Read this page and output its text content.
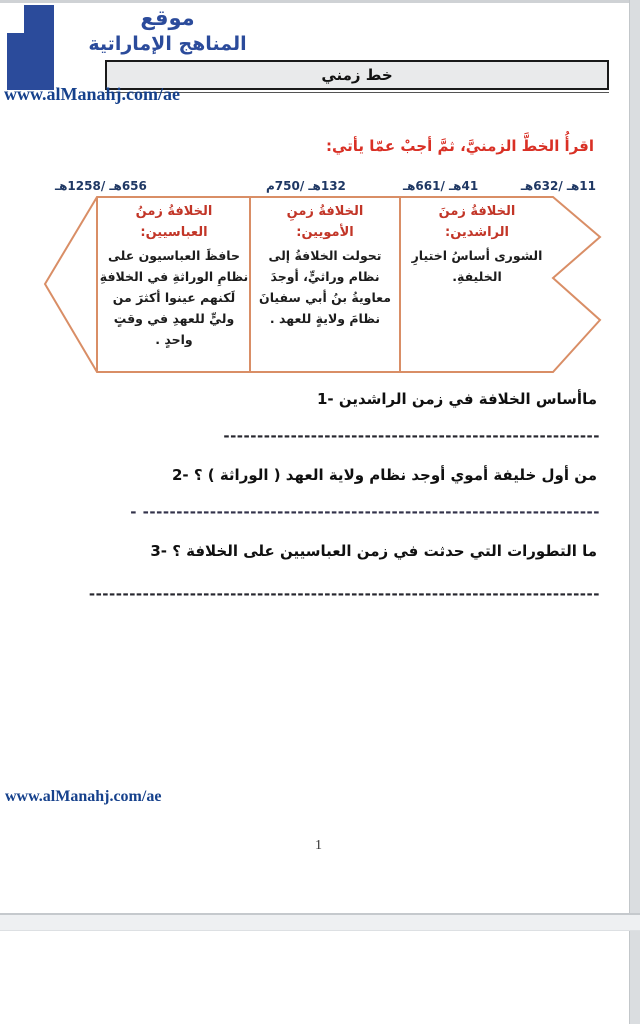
موقع
المناهج الإماراتية
خط زمني
www.alManahj.com/ae
اقرأُ الخطَّ الزمنيَّ، ثمَّ أجبْ عمّا يأتي:
11هـ /632هـ
41هـ /661هـ
132هـ /750م
656هـ /1258هـ
الخلافةُ زمنَ
الراشدين:
الشورى أساسُ اختيارِ الخليفةِ.
الخلافةُ زمنِ
الأمويين:
تحولت الخلافةُ إلى نظام وراثيٍّ، أوجدَ معاويةُ بنُ أبي سفيانَ نظامَ ولايةٍ للعهد .
الخلافةُ زمنُ
العباسيين:
حافظَ العباسيون على نظامِ الوراثةِ في الخلافةِ لَكنهم عينوا أكثرَ من وليٍّ للعهدِ في وقتٍ واحدٍ .
ماأساس الخلافة في زمن الراشدين -1
--------------------------------------------------------
من أول خليفة أموي أوجد نظام ولاية العهد ( الوراثة ) ؟ -2
- --------------------------------------------------------------------
ما التطورات التي حدثت في زمن العباسيين على الخلافة ؟ -3
----------------------------------------------------------------------------
www.alManahj.com/ae
1
